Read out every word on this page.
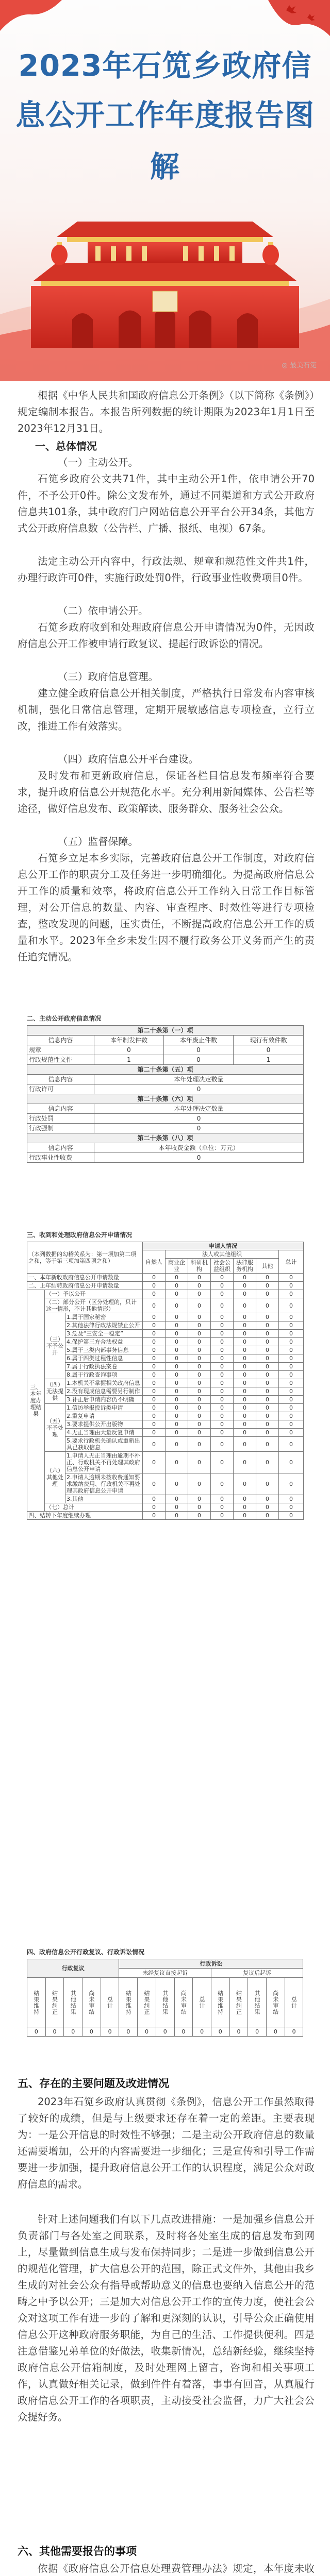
2023年石笕乡政府信
息公开工作年度报告图
解
◎ 最美石笕
根据《中华人民共和国政府信息公开条例》（以下简称《条例》）规定编制本报告。本报告所列数据的统计期限为2023年1月1日至2023年12月31日。
一、总体情况
（一）主动公开。
石笕乡政府公文共71件，其中主动公开1件，依申请公开70件，不予公开0件。除公文发布外，通过不同渠道和方式公开政府信息共101条，其中政府门户网站信息公开平台公开34条，其他方式公开政府信息数（公告栏、广播、报纸、电视）67条。
法定主动公开内容中，行政法规、规章和规范性文件共1件，办理行政许可0件，实施行政处罚0件，行政事业性收费项目0件。
（二）依申请公开。
石笕乡政府收到和处理政府信息公开申请情况为0件，无因政府信息公开工作被申请行政复议、提起行政诉讼的情况。
（三）政府信息管理。
建立健全政府信息公开相关制度，严格执行日常发布内容审核机制，强化日常信息管理，定期开展敏感信息专项检查，立行立改，推进工作有效落实。
（四）政府信息公开平台建设。
及时发布和更新政府信息，保证各栏目信息发布频率符合要求，提升政府信息公开规范化水平。充分利用新闻媒体、公告栏等途径，做好信息发布、政策解读、服务群众、服务社会公众。
（五）监督保障。
石笕乡立足本乡实际，完善政府信息公开工作制度，对政府信息公开工作的职责分工及任务进一步明确细化。为提高政府信息公开工作的质量和效率，将政府信息公开工作纳入日常工作目标管理，对公开信息的数量、内容、审查程序、时效性等进行专项检查，整改发现的问题，压实责任，不断提高政府信息公开工作的质量和水平。2023年全乡未发生因不履行政务公开义务而产生的责任追究情况。
二、主动公开政府信息情况
第二十条第（一）项			
信息内容	本年制发件数	本年废止件数	现行有效件数
规章	0	0	0
行政规范性文件	1	0	1
第二十条第（五）项			
信息内容	本年处理决定数量		
行政许可	0		
第二十条第（六）项			
信息内容	本年处理决定数量		
行政处罚	0		
行政强制	0		
第二十条第（八）项			
信息内容	本年收费金额（单位：万元）		
行政事业性收费	0		
三、收到和处理政府信息公开申请情况
（本列数据的勾稽关系为：第一项加第二项之和，等于第三项加第四项之和）			申请人情况						
			自然人	法人或其他组织					总计
				商业企业	科研机构	社会公益组织	法律服务机构	其他	
一、本年新收政府信息公开申请数量			0	0	0	0	0	0	0
二、上年结转政府信息公开申请数量			0	0	0	0	0	0	0
三、本年度办理结果	（一）予以公开		0	0	0	0	0	0	0
	（二）部分公开（区分处理的，只计这一情形，不计其他情形）		0	0	0	0	0	0	0
	（三）不予公开	1.属于国家秘密	0	0	0	0	0	0	0
		2.其他法律行政法规禁止公开	0	0	0	0	0	0	0
		3.危及“三安全一稳定”	0	0	0	0	0	0	0
		4.保护第三方合法权益	0	0	0	0	0	0	0
		5.属于三类内部事务信息	0	0	0	0	0	0	0
		6.属于四类过程性信息	0	0	0	0	0	0	0
		7.属于行政执法案卷	0	0	0	0	0	0	0
		8.属于行政查询事项	0	0	0	0	0	0	0
	（四）无法提供	1.本机关不掌握相关政府信息	0	0	0	0	0	0	0
		2.没有现成信息需要另行制作	0	0	0	0	0	0	0
		3.补正后申请内容仍不明确	0	0	0	0	0	0	0
	（五）不予处理	1.信访举报投诉类申请	0	0	0	0	0	0	0
		2.重复申请	0	0	0	0	0	0	0
		3.要求提供公开出版物	0	0	0	0	0	0	0
		4.无正当理由大量反复申请	0	0	0	0	0	0	0
		5.要求行政机关确认或重新出具已获取信息	0	0	0	0	0	0	0
	（六）其他处理	1.申请人无正当理由逾期不补正、行政机关不再处理其政府信息公开申请	0	0	0	0	0	0	0
		2.申请人逾期未按收费通知要求缴纳费用、行政机关不再处理其政府信息公开申请	0	0	0	0	0	0	0
		3.其他	0	0	0	0	0	0	0
	（七）总计		0	0	0	0	0	0	0
四、结转下年度继续办理			0	0	0	0	0	0	0
四、政府信息公开行政复议、行政诉讼情况
行政复议					行政诉讼									
					未经复议直接起诉					复议后起诉				
结果维持	结果纠正	其他结果	尚未审结	总计	结果维持	结果纠正	其他结果	尚未审结	总计	结果维持	结果纠正	其他结果	尚未审结	总计
0	0	0	0	0	0	0	0	0	0	0	0	0	0	0
五、存在的主要问题及改进情况
2023年石笕乡政府认真贯彻《条例》，信息公开工作虽然取得了较好的成绩，但是与上级要求还存在着一定的差距。主要表现为：一是公开信息的时效性不够强；二是主动公开政府信息的数量还需要增加，公开的内容需要进一步细化；三是宣传和引导工作需要进一步加强，提升政府信息公开工作的认识程度，满足公众对政府信息的需求。
针对上述问题我们有以下几点改进措施：一是加强乡信息公开负责部门与各处室之间联系，及时将各处室生成的信息发布到网上，尽量做到信息生成与发布保持同步；二是进一步做到信息公开的规范化管理，扩大信息公开的范围，除正式文件外，其他由我乡生成的对社会公众有指导或帮助意义的信息也要纳入信息公开的范畴之中予以公开；三是加大对信息公开工作的宣传力度，使社会公众对这项工作有进一步的了解和更深刻的认识，引导公众正确使用信息公开这种政府服务职能，为自己的生活、工作提供便利。四是注意借鉴兄弟单位的好做法，收集新情况，总结新经验，继续坚持政府信息公开信箱制度，及时处理网上留言，咨询和相关事项工作，认真做好相关记录，做到件件有着落，事事有回音，从真履行政府信息公开工作的各项职责，主动接受社会监督，力广大社会公众提好务。
六、其他需要报告的事项
依据《政府信息公开信息处理费管理办法》规定，本年度未收
